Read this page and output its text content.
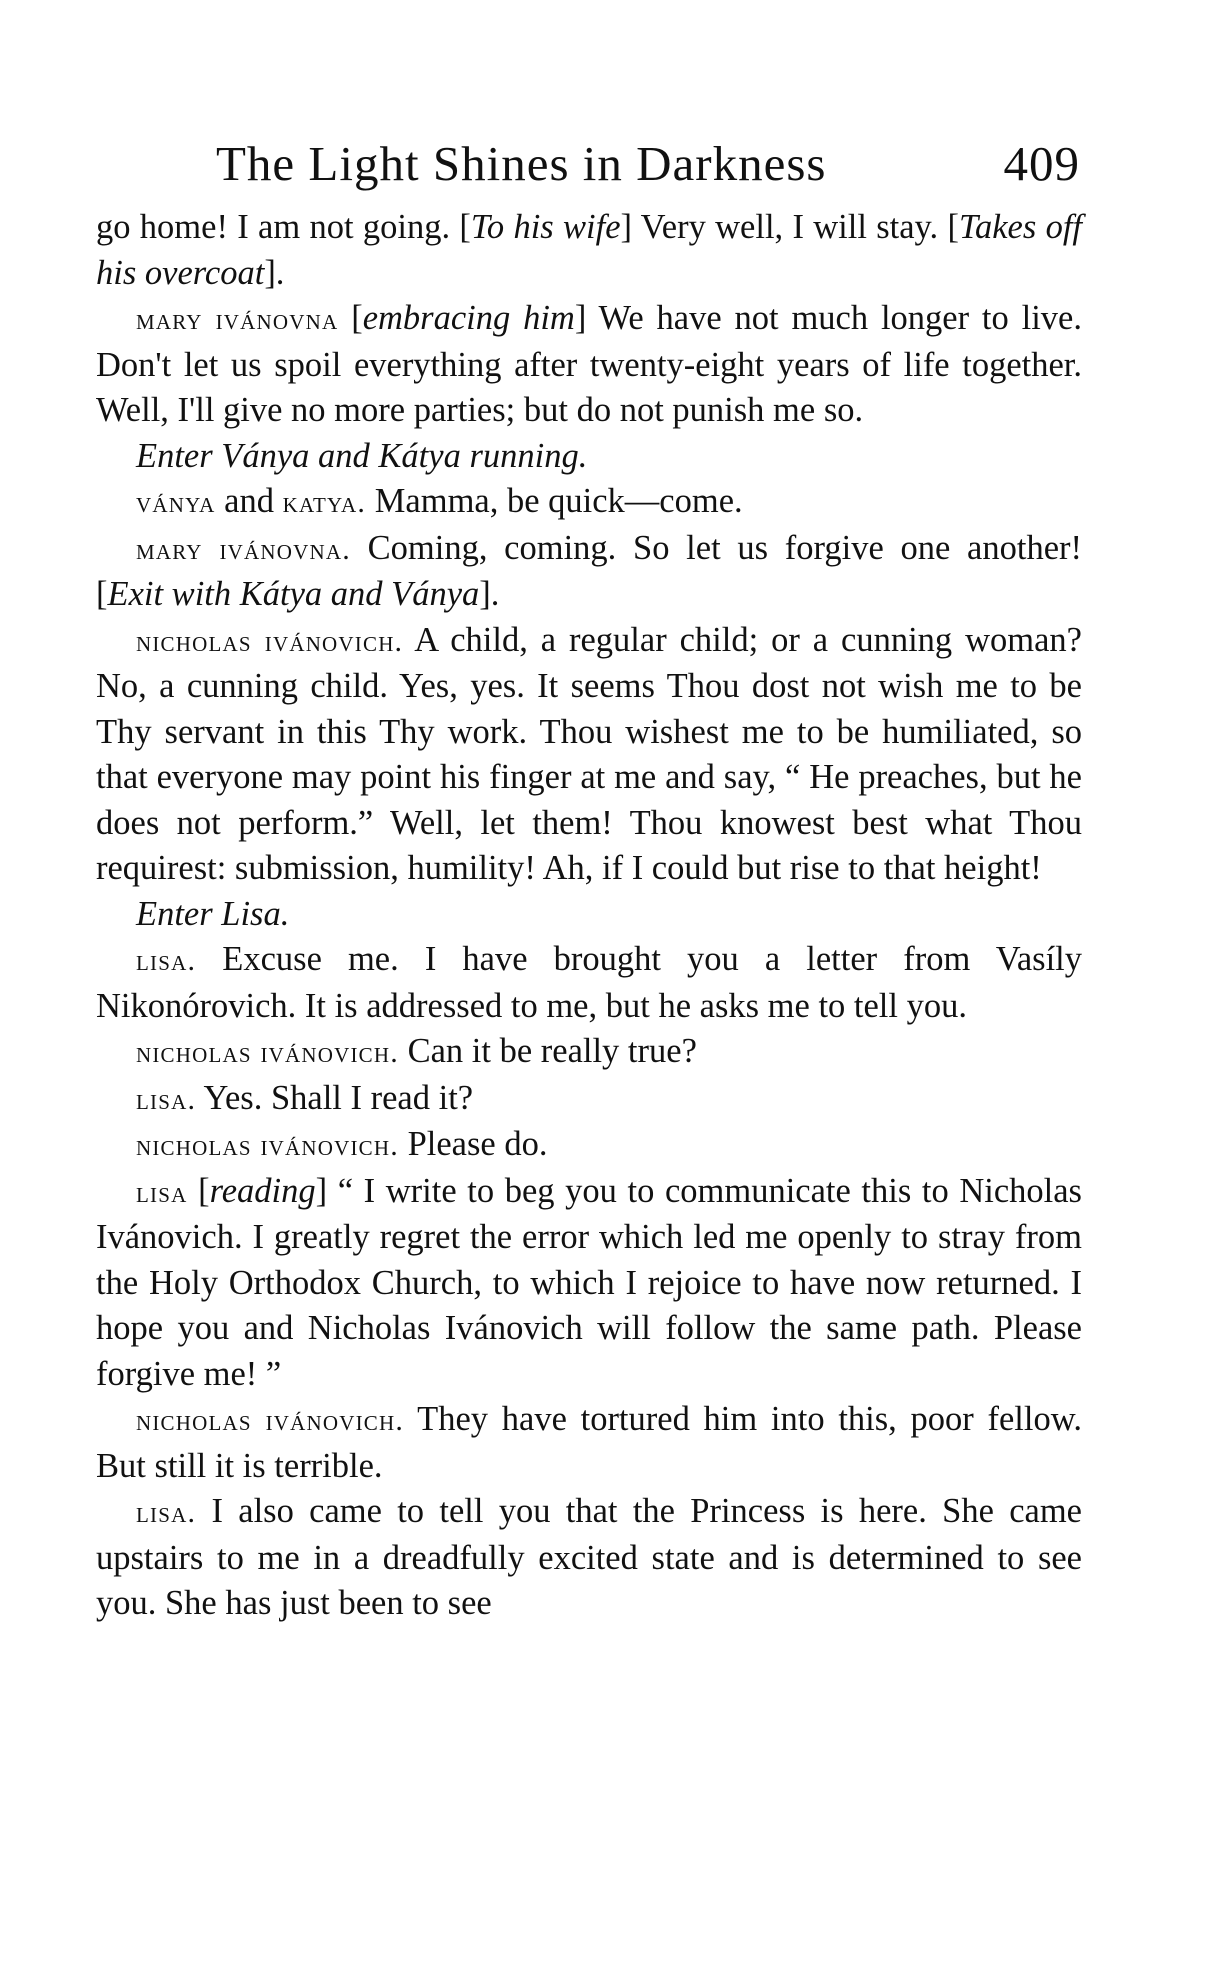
The Light Shines in Darkness	409

go home! I am not going. [To his wife] Very well, I will stay. [Takes off his overcoat].

mary ivánovna [embracing him] We have not much longer to live. Don't let us spoil everything after twenty-eight years of life together. Well, I'll give no more parties; but do not punish me so.

Enter Ványa and Kátya running.

ványa and katya. Mamma, be quick—come.

mary ivánovna. Coming, coming. So let us forgive one another! [Exit with Kátya and Ványa].

nicholas ivánovich. A child, a regular child; or a cunning woman? No, a cunning child. Yes, yes. It seems Thou dost not wish me to be Thy servant in this Thy work. Thou wishest me to be humiliated, so that everyone may point his finger at me and say, “ He preaches, but he does not perform.” Well, let them! Thou knowest best what Thou requirest: submission, humility! Ah, if I could but rise to that height!

Enter Lisa.

lisa. Excuse me. I have brought you a letter from Vasíly Nikonórovich. It is addressed to me, but he asks me to tell you.

nicholas ivánovich. Can it be really true?

lisa. Yes. Shall I read it?

nicholas ivánovich. Please do.

lisa [reading] “ I write to beg you to communicate this to Nicholas Ivánovich. I greatly regret the error which led me openly to stray from the Holy Orthodox Church, to which I rejoice to have now returned. I hope you and Nicholas Ivánovich will follow the same path. Please forgive me! ”

nicholas ivánovich. They have tortured him into this, poor fellow. But still it is terrible.

lisa. I also came to tell you that the Princess is here. She came upstairs to me in a dreadfully excited state and is determined to see you. She has just been to see
